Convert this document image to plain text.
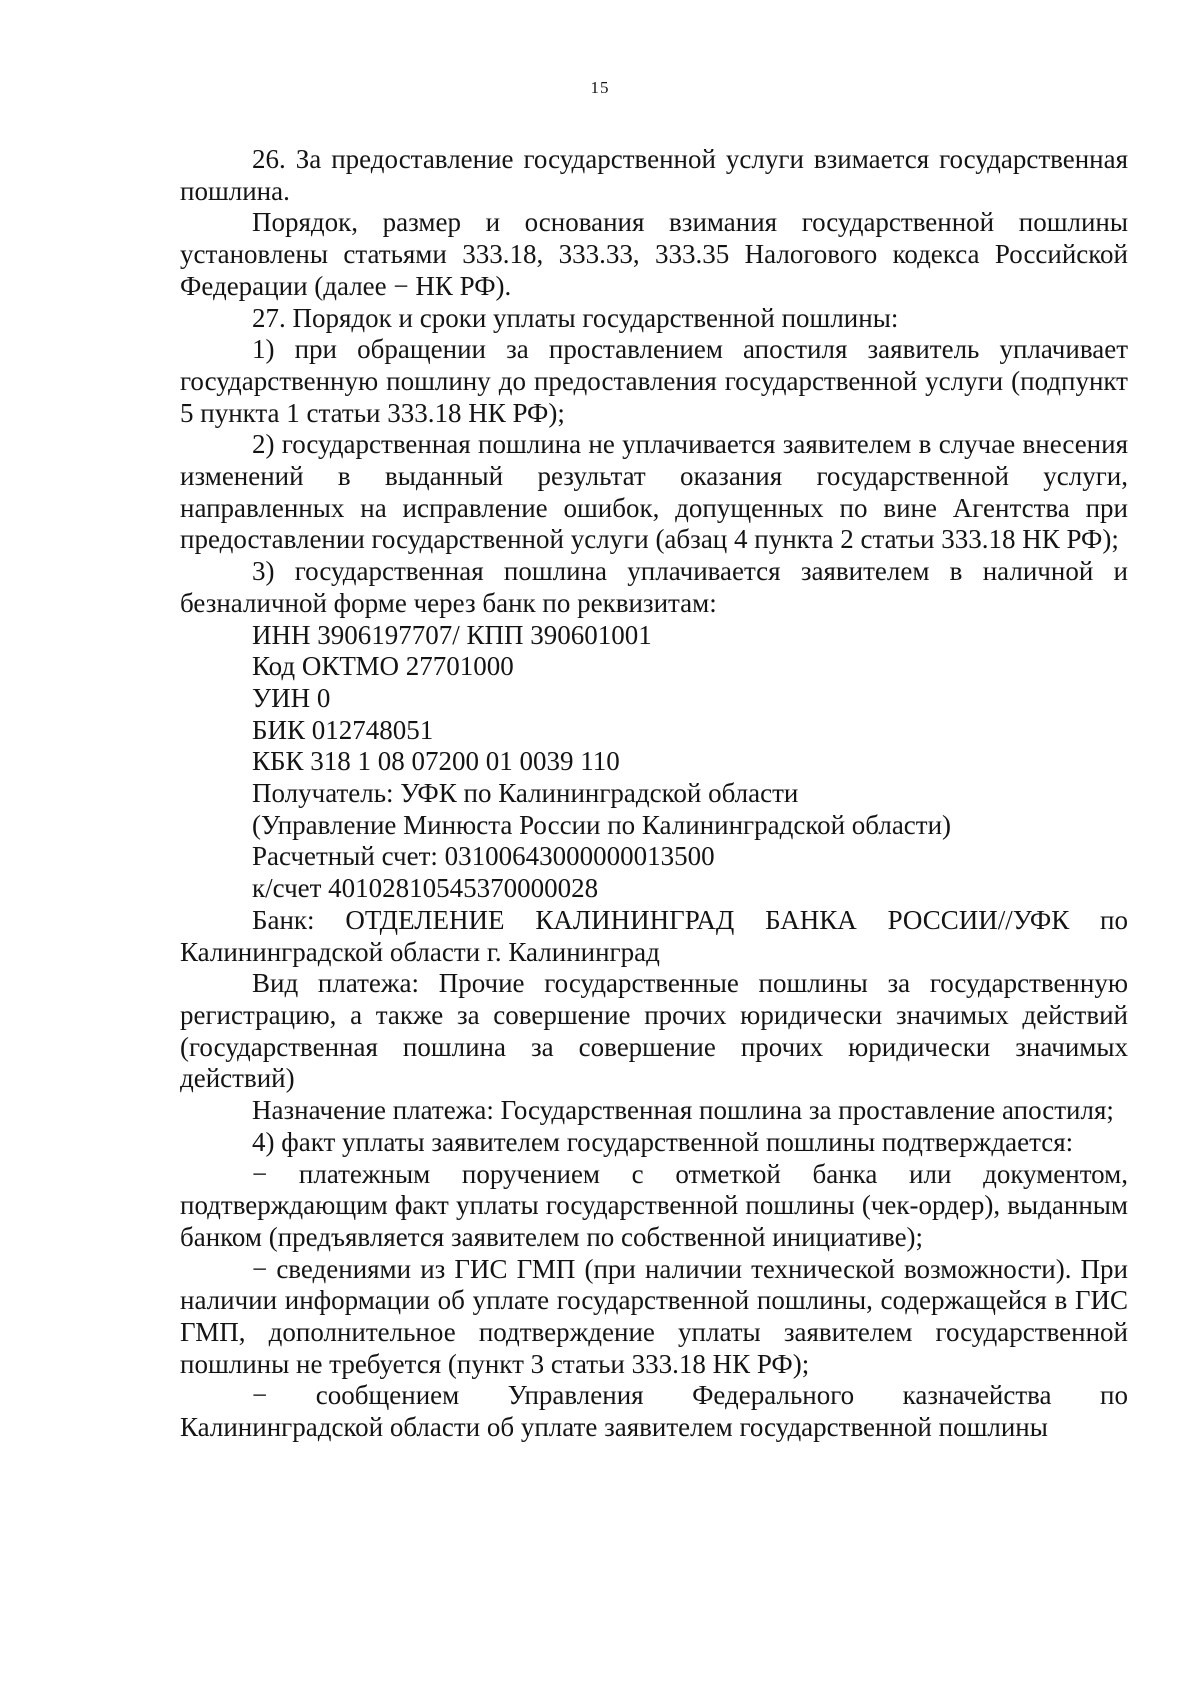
15

26. За предоставление государственной услуги взимается государственная пошлина.

Порядок, размер и основания взимания государственной пошлины установлены статьями 333.18, 333.33, 333.35 Налогового кодекса Российской Федерации (далее − НК РФ).

27. Порядок и сроки уплаты государственной пошлины:

1) при обращении за проставлением апостиля заявитель уплачивает государственную пошлину до предоставления государственной услуги (подпункт 5 пункта 1 статьи 333.18 НК РФ);

2) государственная пошлина не уплачивается заявителем в случае внесения изменений в выданный результат оказания государственной услуги, направленных на исправление ошибок, допущенных по вине Агентства при предоставлении государственной услуги (абзац 4 пункта 2 статьи 333.18 НК РФ);

3) государственная пошлина уплачивается заявителем в наличной и безналичной форме через банк по реквизитам:

ИНН 3906197707/ КПП 390601001

Код ОКТМО 27701000

УИН 0

БИК 012748051

КБК 318 1 08 07200 01 0039 110

Получатель: УФК по Калининградской области

(Управление Минюста России по Калининградской области)

Расчетный счет: 03100643000000013500

к/счет 40102810545370000028

Банк: ОТДЕЛЕНИЕ КАЛИНИНГРАД БАНКА РОССИИ//УФК по Калининградской области г. Калининград

Вид платежа: Прочие государственные пошлины за государственную регистрацию, а также за совершение прочих юридически значимых действий (государственная пошлина за совершение прочих юридически значимых действий)

Назначение платежа: Государственная пошлина за проставление апостиля;

4) факт уплаты заявителем государственной пошлины подтверждается:

− платежным поручением с отметкой банка или документом, подтверждающим факт уплаты государственной пошлины (чек-ордер), выданным банком (предъявляется заявителем по собственной инициативе);

− сведениями из ГИС ГМП (при наличии технической возможности). При наличии информации об уплате государственной пошлины, содержащейся в ГИС ГМП, дополнительное подтверждение уплаты заявителем государственной пошлины не требуется (пункт 3 статьи 333.18 НК РФ);

− сообщением Управления Федерального казначейства по Калининградской области об уплате заявителем государственной пошлины
